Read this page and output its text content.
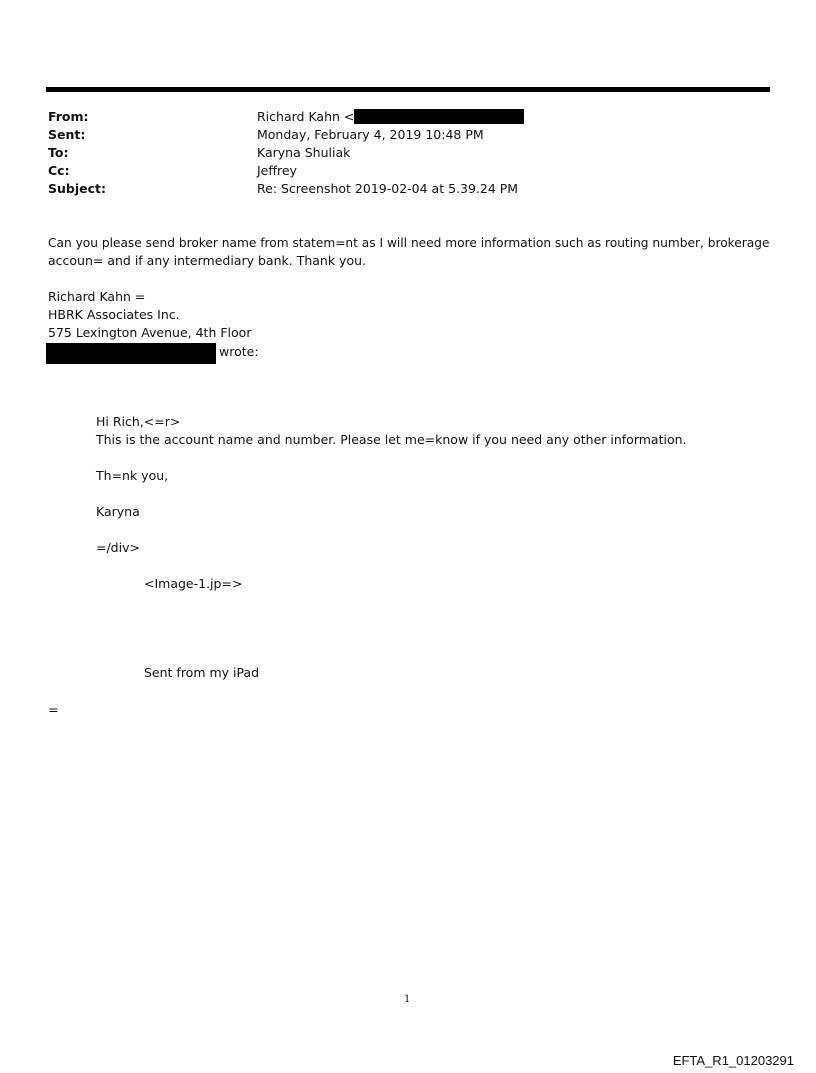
From:	Richard Kahn <
Sent:	Monday, February 4, 2019 10:48 PM
To:	Karyna Shuliak
Cc:	Jeffrey
Subject:	Re: Screenshot 2019-02-04 at 5.39.24 PM
Can you please send broker name from statem=nt as I will need more information such as routing number, brokerage
accoun= and if any intermediary bank. Thank you.
Richard Kahn =
HBRK Associates Inc.
575 Lexington Avenue, 4th Floor
wrote:
Hi Rich,<=r>
This is the account name and number. Please let me=know if you need any other information.
Th=nk you,
Karyna
=/div>
<Image-1.jp=>
Sent from my iPad
=
1
EFTA_R1_01203291
